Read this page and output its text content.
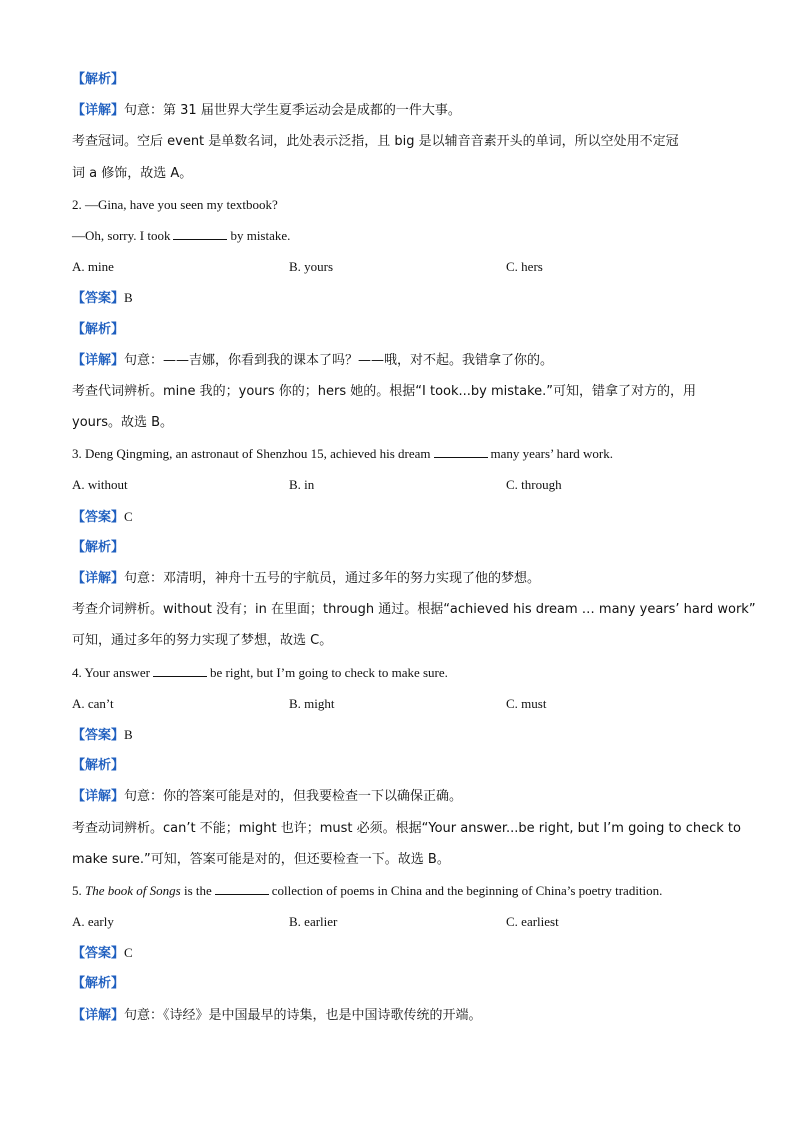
【解析】
【详解】句意：第 31 届世界大学生夏季运动会是成都的一件大事。
考查冠词。空后 event 是单数名词，此处表示泛指，且 big 是以辅音音素开头的单词，所以空处用不定冠
词 a 修饰，故选 A。
2. —Gina, have you seen my textbook?
—Oh, sorry. I took	by mistake.
A. mine	B. yours	C. hers
【答案】B
【解析】
【详解】句意：——吉娜，你看到我的课本了吗？——哦，对不起。我错拿了你的。
考查代词辨析。mine 我的；yours 你的；hers 她的。根据“I took...by mistake.”可知，错拿了对方的，用
yours。故选 B。
3. Deng Qingming, an astronaut of Shenzhou 15, achieved his dream	many years’ hard work.
A. without	B. in	C. through
【答案】C
【解析】
【详解】句意：邓清明，神舟十五号的宇航员，通过多年的努力实现了他的梦想。
考查介词辨析。without 没有；in 在里面；through 通过。根据“achieved his dream … many years’ hard work”
可知，通过多年的努力实现了梦想，故选 C。
4. Your answer	be right, but I’m going to check to make sure.
A. can’t	B. might	C. must
【答案】B
【解析】
【详解】句意：你的答案可能是对的，但我要检查一下以确保正确。
考查动词辨析。can’t 不能；might 也许；must 必须。根据“Your answer...be right, but I’m going to check to
make sure.”可知，答案可能是对的，但还要检查一下。故选 B。
5. The book of Songs is the	collection of poems in China and the beginning of China’s poetry tradition.
A. early	B. earlier	C. earliest
【答案】C
【解析】
【详解】句意：《诗经》是中国最早的诗集，也是中国诗歌传统的开端。
